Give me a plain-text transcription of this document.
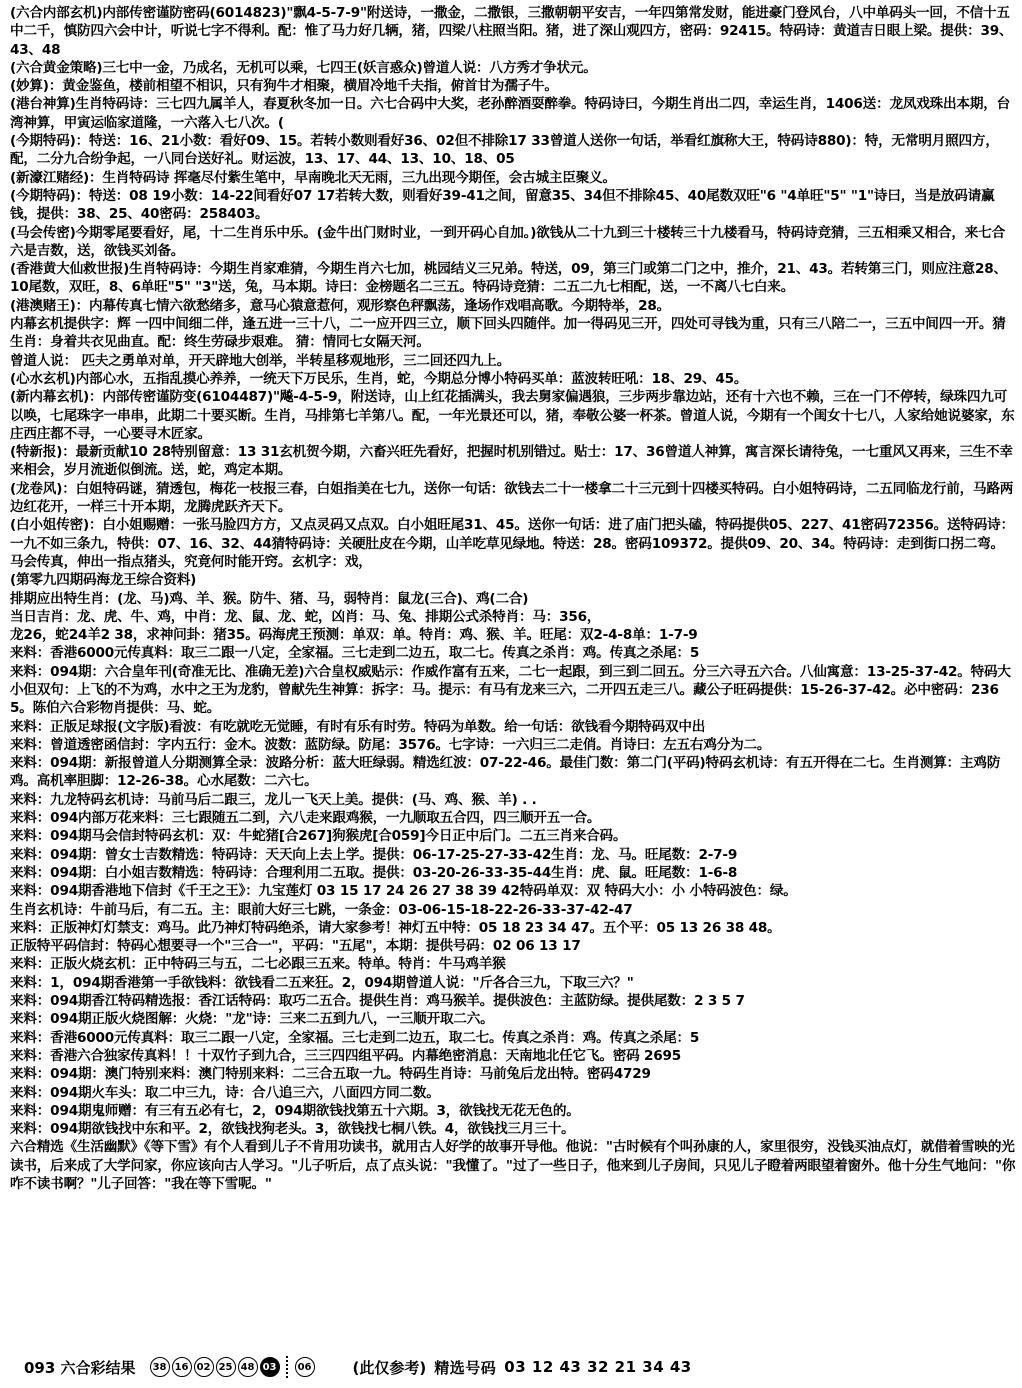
(六合内部玄机)内部传密谨防密码(6014823)"飘4-5-7-9"附送诗，一撒金，二撒银，三撒朝朝平安吉，一年四第常发财，能进豪门登风台，八中单码头一回，不信十五中二千，慎防四六会中计，听说七字不得利。配：惟了马力好几辆，猪，四梁八柱照当阳。猪，进了深山观四方，密码：92415。特码诗：黄道吉日眼上梁。提供：39、43、48

(六合黄金策略)三七中一金，乃成名，无机可以乘，七四王(妖言惑众)曾道人说：八方秀才争状元。

(妙算)：黄金鉴鱼，楼前相望不相识，只有狗牛才相聚，横眉冷地千夫指，俯首甘为孺子牛。

(港台神算)生肖特码诗：三七四九属羊人，春夏秋冬加一日。六七合码中大奖，老孙醉酒耍醉拳。特码诗曰，今期生肖出二四，幸运生肖，1406送：龙凤戏珠出本期，台湾神算，甲寅运临家道隆，一六落入七八次。(

(今期特码)：特送：16、21小数：看好09、15。若转小数则看好36、02但不排除17 33曾道人送你一句话，举看红旗称大王，特码诗880)：特，无常明月照四方，配，二分九合纷争起，一八同台送好礼。财运波，13、17、44、13、10、18、05

(新濠江赌经)：生肖特码诗 挥毫尽付紫生笔中，早南晚北天无雨，三九出现今期侄，会古城主臣聚义。

(今期特码)：特送：08 19小数：14-22间看好07 17若转大数，则看好39-41之间，留意35、34但不排除45、40尾数双旺"6 "4单旺"5" "1"诗曰，当是放码请赢钱，提供：38、25、40密码：258403。

(马会传密)今期零尾要看好，尾，十二生肖乐中乐。(金牛出门财时业，一到开码心自加。)欲钱从二十九到三十楼转三十九楼看马，特码诗竞猜，三五相乘又相合，来七合六是吉数，送，欲钱买刘备。

(香港黄大仙救世报)生肖特码诗：今期生肖家难猜，今期生肖六七加，桃园结义三兄弟。特送，09，第三门或第二门之中，推介，21、43。若转第三门，则应注意28、10尾数，双旺，8、6单旺"5" "3"送，兔，马本期。诗曰：金榜题名二三五。特码诗竞猜：二五二九七相配，送，一不离八七白来。

(港澳赌王)：内幕传真七情六欲愁绪多，意马心猿意惹何，观形察色秤飘荡，逢场作戏唱高歌。今期特举，28。

内幕玄机提供字：辉 一四中间细二伴，逢五进一三十八，二一应开四三立，顺下回头四随伴。加一得码见三开，四处可寻钱为重，只有三八陪二一，三五中间四一开。猜生肖：身着共衣见曲直。配：终生劳碌步艰难。 猜：情同七女隔天河。

曾道人说： 匹夫之勇单对单，开天辟地大创举，半转星移观地形，三二回还四九上。

(心水玄机)内部心水，五指乱摸心养养，一统天下万民乐，生肖，蛇，今期总分博小特码买单：蓝波转旺吼：18、29、45。

(新内幕玄机)：内部传密谨防变(6104487)"飚-4-5-9，附送诗，山上红花插满头，我去舅家偏遇狼，三步两步靠边站，还有十六也不赖，三在一门不停转，绿珠四九可以唤，七尾珠字一串串，此期二十要买断。生肖，马排第七羊第八。配，一年光景还可以，猪，奉敬公婆一杯茶。曾道人说，今期有一个闺女十七八，人家给她说婆家，东庄西庄都不寻，一心要寻木匠家。

(特新报)：最新贡献10 28特别留意：13 31玄机贺今期，六畜兴旺先看好，把握时机别错过。贴士：17、36曾道人神算，寓言深长请待兔，一七重风又再来，三生不幸来相会，岁月流逝似倒流。送，蛇，鸡定本期。

(龙卷风)：白姐特码谜，猜透包，梅花一枝报三春，白姐指美在七九，送你一句话：欲钱去二十一楼拿二十三元到十四楼买特码。白小姐特码诗，二五同临龙行前，马路两边红花开，一样三十开本期，龙腾虎跃齐天下。

(白小姐传密)：白小姐赐赠：一张马脸四方方，又点灵码又点双。白小姐旺尾31、45。送你一句话：进了庙门把头磕，特码提供05、227、41密码72356。送特码诗：一九不如三条九，特供：07、16、32、44猜特码诗：关硬肚皮在今期，山羊吃草见绿地。特送：28。密码109372。提供09、20、34。特码诗：走到街口拐二弯。马会传真，伸出一指点猪头，究竟何时能开窍。玄机字：戏，

(第零九四期码海龙王综合资料)

排期应出特生肖：(龙、马)鸡、羊、猴。防牛、猪、马，弱特肖：鼠龙(三合)、鸡(二合)

当日吉肖：龙、虎、牛、鸡，中肖：龙、鼠、龙、蛇，凶肖：马、兔、排期公式杀特肖：马：356，

龙26，蛇24羊2 38，求神问卦：猪35。码海虎王预测：单双：单。特肖：鸡、猴、羊。旺尾：双2-4-8单：1-7-9

来料：香港6000元传真料：取三二跟一八定，全家福。三七走到二边五，取二七。传真之杀肖：鸡。传真之杀尾：5

来料：094期：六合皇年刊(奇准无比、准确无差)六合皇权威贴示：作威作富有五来，二七一起跟，到三到二回五。分三六寻五六合。八仙寓意：13-25-37-42。特码大小但双句：上飞的不为鸡，水中之王为龙豹，曾献先生神算：拆字：马。提示：有马有龙来三六，二开四五走三八。藏公子旺码提供：15-26-37-42。必中密码：2365。陈伯六合彩物肖提供：马、蛇。

来料：正版足球报(文字版)看波：有吃就吃无觉睡，有时有乐有时劳。特码为单数。给一句话：欲钱看今期特码双中出

来料：曾道透密函信封：字内五行：金木。波数：蓝防绿。防尾：3576。七字诗：一六归三二走俏。肖诗曰：左五右鸡分为二。

来料：094期：新报曾道人分期测算全录：波路分析：蓝大旺绿弱。精选红波：07-22-46。最佳门数：第二门(平码)特码玄机诗：有五开得在二七。生肖测算：主鸡防鸡。高机率胆脚：12-26-38。心水尾数：二六七。

来料：九龙特码玄机诗：马前马后二跟三，龙儿一飞天上美。提供：(马、鸡、猴、羊) . .

来料：094内部万花来料：三七跟随五二到，六八走来跟鸡猴，一九顺取五合四，四三顺开五一合。

来料：094期马会信封特码玄机：双：牛蛇猪[合267]狗猴虎[合059]今日正中后门。二五三肖来合码。

来料：094期：曾女士吉数精选：特码诗：天天向上去上学。提供：06-17-25-27-33-42生肖：龙、马。旺尾数：2-7-9

来料：094期：白小姐吉数精选：特码诗：合理利用二五取。提供：03-20-26-33-35-44生肖：虎、鼠。旺尾数：1-6-8

来料：094期香港地下信封《千王之王》：九宝莲灯 03 15 17 24 26 27 38 39 42特码单双：双 特码大小：小 小特码波色：绿。

生肖玄机诗：牛前马后，有二五。主：眼前大好三七跳，一条金：03-06-15-18-22-26-33-37-42-47

来料：正版神灯灯禁支：鸡马。此乃神灯特码绝杀，请大家参考！神灯五中特：05 18 23 34 47。五个平：05 13 26 38 48。

正版特平码信封：特码心想要寻一个"三合一"，平码："五尾"，本期：提供号码：02 06 13 17

来料：正版火烧玄机：正中特码三与五，二七必跟三五来。特单。特肖：牛马鸡羊猴

来料：1，094期香港第一手欲钱料：欲钱看二五来狂。2，094期曾道人说："斤各合三九，下取三六？"

来料：094期香江特码精选报：香江话特码：取巧二五合。提供生肖：鸡马猴羊。提供波色：主蓝防绿。提供尾数：2 3 5 7

来料：094期正版火烧图解：火烧："龙"诗：三来二五到九八，一三顺开取二六。

来料：香港6000元传真料：取三二跟一八定，全家福。三七走到二边五，取二七。传真之杀肖：鸡。传真之杀尾：5

来料：香港六合独家传真料！！十双竹子到九合，三三四四组平码。内幕绝密消息：天南地北任它飞。密码 2695

来料：094期：澳门特别来料：澳门特别来料：二三合五取一九。特码生肖诗：马前兔后龙出特。密码4729

来料：094期火车头：取二中三九，诗：合八追三六，八面四方同二数。

来料：094期鬼师赠：有三有五必有七，2，094期欲钱找第五十六期。3，欲钱找无花无色的。

来料：094期欲钱找中东和平。2，欲钱找狗老头。3，欲钱找七桐八铁。4，欲钱找三月三十。

六合精选《生活幽默》《等下雪》有个人看到儿子不肯用功读书，就用古人好学的故事开导他。他说："古时候有个叫孙康的人，家里很穷，没钱买油点灯，就借着雪映的光读书，后来成了大学问家，你应该向古人学习。"儿子听后，点了点头说："我懂了。"过了一些日子，他来到儿子房间，只见儿子瞪着两眼望着窗外。他十分生气地问："你咋不读书啊？"儿子回答："我在等下雪呢。"

093 六合彩结果	38 16 02 25 48 03	06	(此仅参考) 精选号码 03 12 43 32 21 34 43
